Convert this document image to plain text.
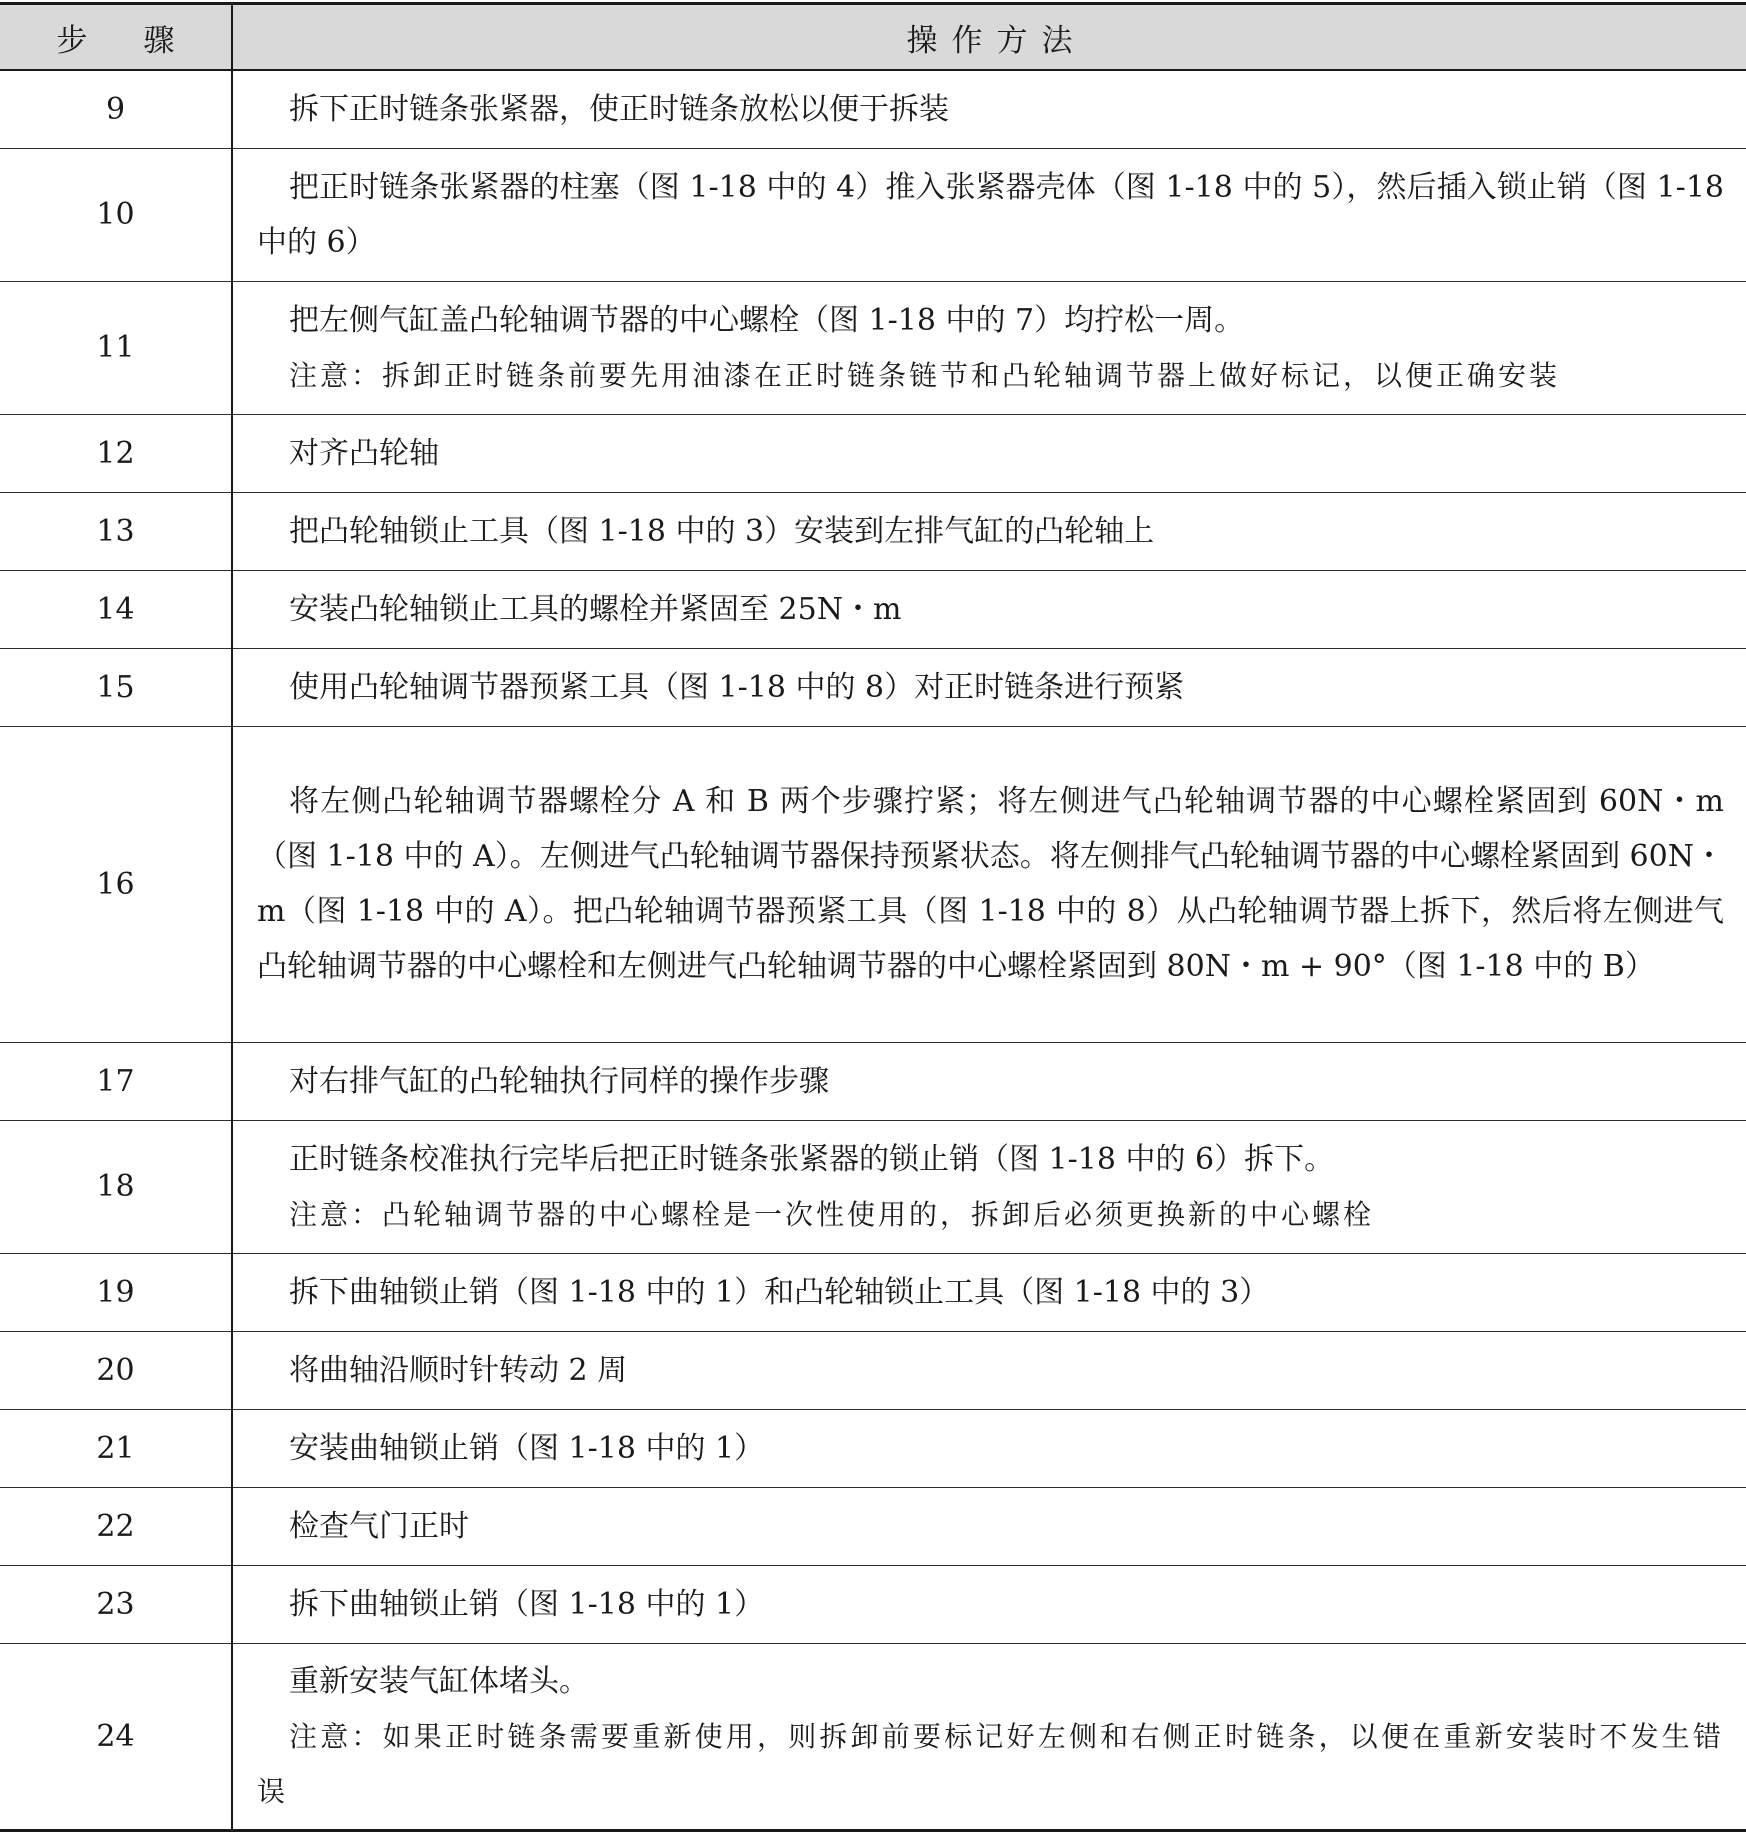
步骤	操作方法
9	拆下正时链条张紧器，使正时链条放松以便于拆装

10	把正时链条张紧器的柱塞（图 1-18 中的 4）推入张紧器壳体（图 1-18 中的 5），然后插入锁止销（图 1-18 中的 6）

11	把左侧气缸盖凸轮轴调节器的中心螺栓（图 1-18 中的 7）均拧松一周。

注意：拆卸正时链条前要先用油漆在正时链条链节和凸轮轴调节器上做好标记，以便正确安装

12	对齐凸轮轴

13	把凸轮轴锁止工具（图 1-18 中的 3）安装到左排气缸的凸轮轴上

14	安装凸轮轴锁止工具的螺栓并紧固至 25N・m

15	使用凸轮轴调节器预紧工具（图 1-18 中的 8）对正时链条进行预紧

16	将左侧凸轮轴调节器螺栓分 A 和 B 两个步骤拧紧；将左侧进气凸轮轴调节器的中心螺栓紧固到 60N・m（图 1-18 中的 A）。左侧进气凸轮轴调节器保持预紧状态。将左侧排气凸轮轴调节器的中心螺栓紧固到 60N・m（图 1-18 中的 A）。把凸轮轴调节器预紧工具（图 1-18 中的 8）从凸轮轴调节器上拆下，然后将左侧进气凸轮轴调节器的中心螺栓和左侧进气凸轮轴调节器的中心螺栓紧固到 80N・m + 90°（图 1-18 中的 B）

17	对右排气缸的凸轮轴执行同样的操作步骤

18	正时链条校准执行完毕后把正时链条张紧器的锁止销（图 1-18 中的 6）拆下。

注意：凸轮轴调节器的中心螺栓是一次性使用的，拆卸后必须更换新的中心螺栓

19	拆下曲轴锁止销（图 1-18 中的 1）和凸轮轴锁止工具（图 1-18 中的 3）

20	将曲轴沿顺时针转动 2 周

21	安装曲轴锁止销（图 1-18 中的 1）

22	检查气门正时

23	拆下曲轴锁止销（图 1-18 中的 1）

24	重新安装气缸体堵头。

注意：如果正时链条需要重新使用，则拆卸前要标记好左侧和右侧正时链条，以便在重新安装时不发生错误
